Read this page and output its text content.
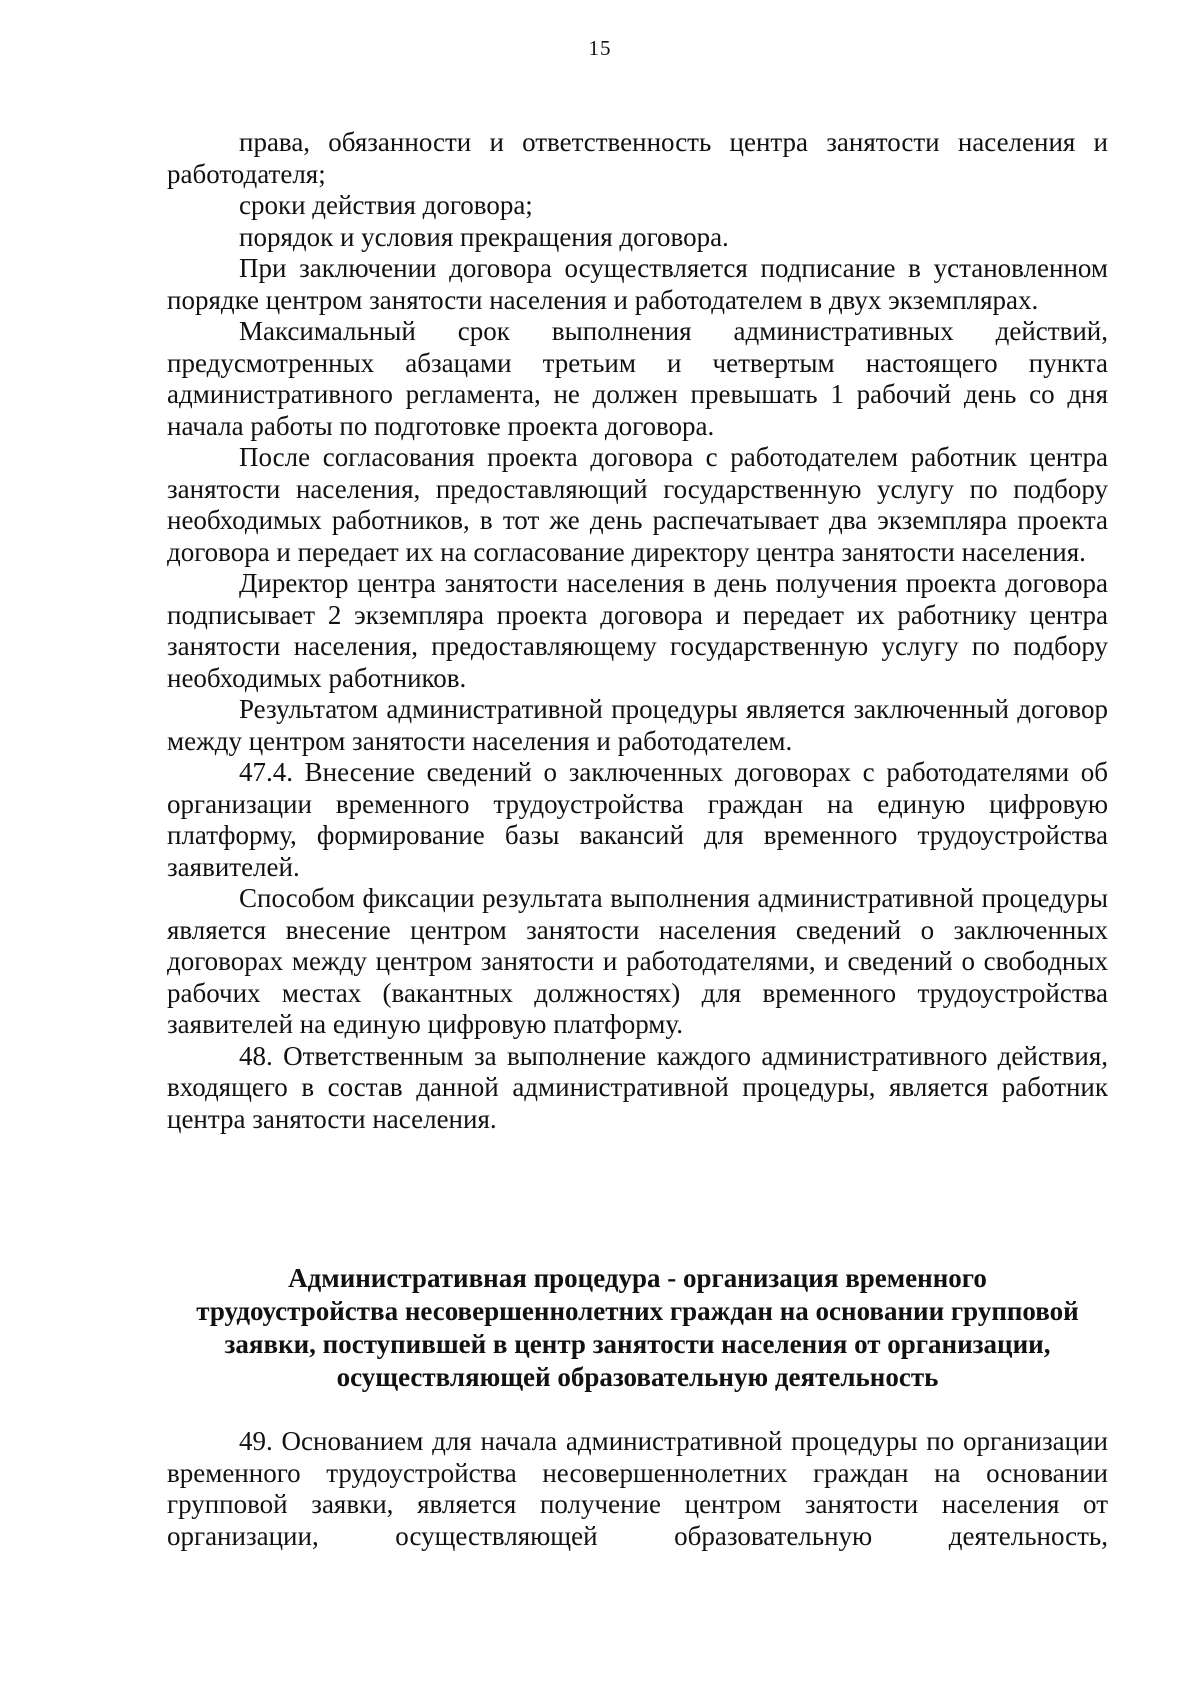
15

права, обязанности и ответственность центра занятости населения и работодателя;

сроки действия договора;

порядок и условия прекращения договора.

При заключении договора осуществляется подписание в установленном порядке центром занятости населения и работодателем в двух экземплярах.

Максимальный срок выполнения административных действий, предусмотренных абзацами третьим и четвертым настоящего пункта административного регламента, не должен превышать 1 рабочий день со дня начала работы по подготовке проекта договора.

После согласования проекта договора с работодателем работник центра занятости населения, предоставляющий государственную услугу по подбору необходимых работников, в тот же день распечатывает два экземпляра проекта договора и передает их на согласование директору центра занятости населения.

Директор центра занятости населения в день получения проекта договора подписывает 2 экземпляра проекта договора и передает их работнику центра занятости населения, предоставляющему государственную услугу по подбору необходимых работников.

Результатом административной процедуры является заключенный договор между центром занятости населения и работодателем.

47.4. Внесение сведений о заключенных договорах с работодателями об организации временного трудоустройства граждан на единую цифровую платформу, формирование базы вакансий для временного трудоустройства заявителей.

Способом фиксации результата выполнения административной процедуры является внесение центром занятости населения сведений о заключенных договорах между центром занятости и работодателями, и сведений о свободных рабочих местах (вакантных должностях) для временного трудоустройства заявителей на единую цифровую платформу.

48. Ответственным за выполнение каждого административного действия, входящего в состав данной административной процедуры, является работник центра занятости населения.

Административная процедура - организация временного
трудоустройства несовершеннолетних граждан на основании групповой
заявки, поступившей в центр занятости населения от организации,
осуществляющей образовательную деятельность

49. Основанием для начала административной процедуры по организации временного трудоустройства несовершеннолетних граждан на основании групповой заявки, является получение центром занятости населения от организации, осуществляющей образовательную деятельность,
